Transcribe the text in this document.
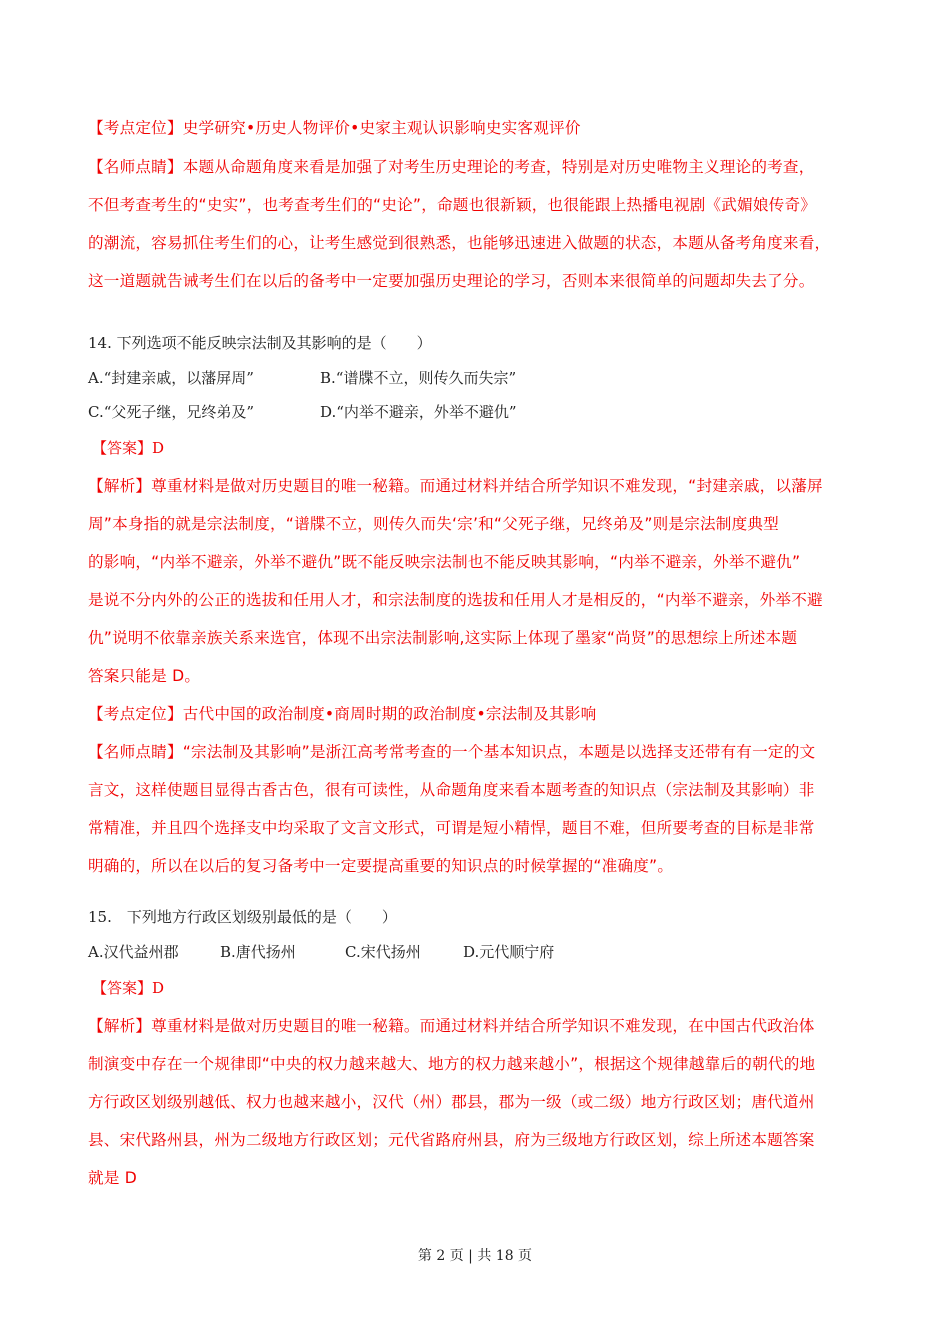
【考点定位】史学研究•历史人物评价•史家主观认识影响史实客观评价
【名师点睛】本题从命题角度来看是加强了对考生历史理论的考查，特别是对历史唯物主义理论的考查，
不但考查考生的“史实”，也考查考生们的“史论”，命题也很新颖，也很能跟上热播电视剧《武媚娘传奇》
的潮流，容易抓住考生们的心，让考生感觉到很熟悉，也能够迅速进入做题的状态，本题从备考角度来看，
这一道题就告诫考生们在以后的备考中一定要加强历史理论的学习，否则本来很简单的问题却失去了分。
14. 下列选项不能反映宗法制及其影响的是（　　）
A.“封建亲戚，以藩屏周”	B.“谱牒不立，则传久而失宗”
C.“父死子继，兄终弟及”	D.“内举不避亲，外举不避仇”
【答案】D
【解析】尊重材料是做对历史题目的唯一秘籍。而通过材料并结合所学知识不难发现，“封建亲戚，以藩屏
周”本身指的就是宗法制度，“谱牒不立，则传久而失‘宗’和“父死子继，兄终弟及”则是宗法制度典型
的影响，“内举不避亲，外举不避仇”既不能反映宗法制也不能反映其影响，“内举不避亲，外举不避仇”
是说不分内外的公正的选拔和任用人才，和宗法制度的选拔和任用人才是相反的，“内举不避亲，外举不避
仇”说明不依靠亲族关系来选官，体现不出宗法制影响,这实际上体现了墨家“尚贤”的思想综上所述本题
答案只能是 D。
【考点定位】古代中国的政治制度•商周时期的政治制度•宗法制及其影响
【名师点睛】“宗法制及其影响”是浙江高考常考查的一个基本知识点，本题是以选择支还带有有一定的文
言文，这样使题目显得古香古色，很有可读性，从命题角度来看本题考查的知识点（宗法制及其影响）非
常精准，并且四个选择支中均采取了文言文形式，可谓是短小精悍，题目不难，但所要考查的目标是非常
明确的，所以在以后的复习备考中一定要提高重要的知识点的时候掌握的“准确度”。
15.　下列地方行政区划级别最低的是（　　）
A.汉代益州郡	B.唐代扬州	C.宋代扬州	D.元代顺宁府
【答案】D
【解析】尊重材料是做对历史题目的唯一秘籍。而通过材料并结合所学知识不难发现，在中国古代政治体
制演变中存在一个规律即“中央的权力越来越大、地方的权力越来越小”，根据这个规律越靠后的朝代的地
方行政区划级别越低、权力也越来越小，汉代（州）郡县，郡为一级（或二级）地方行政区划；唐代道州
县、宋代路州县，州为二级地方行政区划；元代省路府州县，府为三级地方行政区划，综上所述本题答案
就是 D
第 2 页 | 共 18 页
